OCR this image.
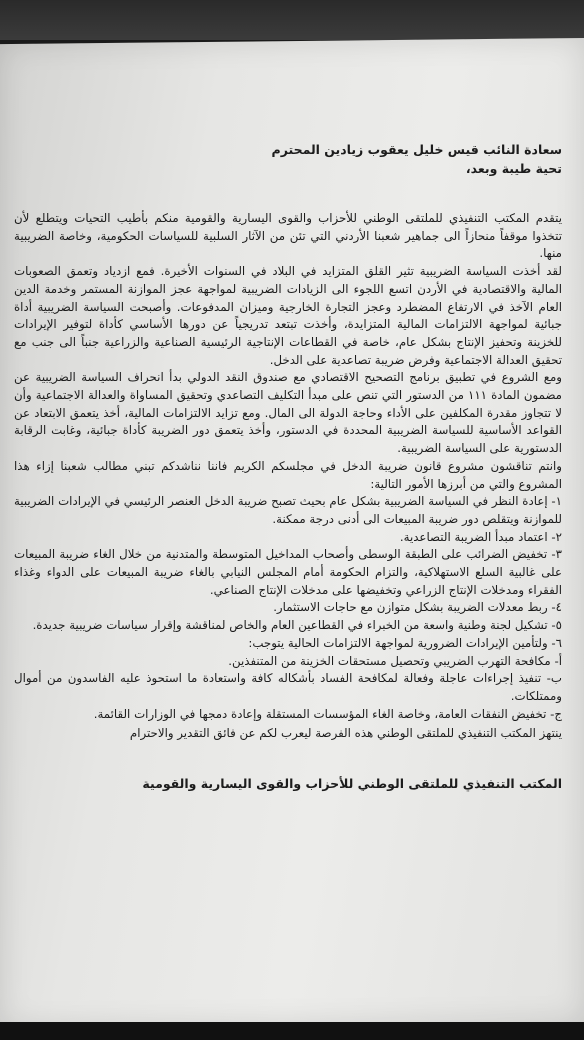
سعادة النائب قيس خليل يعقوب زيادين المحترم
تحية طيبة وبعد،

يتقدم المكتب التنفيذي للملتقى الوطني للأحزاب والقوى اليسارية والقومية منكم بأطيب التحيات ويتطلع لأن تتخذوا موقفاً منحازاً الى جماهير شعبنا الأردني التي تئن من الآثار السلبية للسياسات الحكومية، وخاصة الضريبية منها.

لقد أخذت السياسة الضريبية تثير القلق المتزايد في البلاد في السنوات الأخيرة. فمع ازدياد وتعمق الصعوبات المالية والاقتصادية في الأردن اتسع اللجوء الى الزيادات الضريبية لمواجهة عجز الموازنة المستمر وخدمة الدين العام الآخذ في الارتفاع المضطرد وعجز التجارة الخارجية وميزان المدفوعات. وأصبحت السياسة الضريبية أداة جبائية لمواجهة الالتزامات المالية المتزايدة، وأخذت تبتعد تدريجياً عن دورها الأساسي كأداة لتوفير الإيرادات للخزينة وتحفيز الإنتاج بشكل عام، خاصة في القطاعات الإنتاجية الرئيسية الصناعية والزراعية جنباً الى جنب مع تحقيق العدالة الاجتماعية وفرض ضريبة تصاعدية على الدخل.

ومع الشروع في تطبيق برنامج التصحيح الاقتصادي مع صندوق النقد الدولي بدأ انحراف السياسة الضريبية عن مضمون المادة ١١١ من الدستور التي تنص على مبدأ التكليف التصاعدي وتحقيق المساواة والعدالة الاجتماعية وأن لا تتجاوز مقدرة المكلفين على الأداء وحاجة الدولة الى المال. ومع تزايد الالتزامات المالية، أخذ يتعمق الابتعاد عن القواعد الأساسية للسياسة الضريبية المحددة في الدستور، وأخذ يتعمق دور الضريبة كأداة جبائية، وغابت الرقابة الدستورية على السياسة الضريبية.

وانتم تناقشون مشروع قانون ضريبة الدخل في مجلسكم الكريم فاننا نناشدكم تبني مطالب شعبنا إزاء هذا المشروع والتي من أبرزها الأمور التالية:

١- إعادة النظر في السياسة الضريبية بشكل عام بحيث تصبح ضريبة الدخل العنصر الرئيسي في الإيرادات الضريبية للموازنة ويتقلص دور ضريبة المبيعات الى أدنى درجة ممكنة.

٢- اعتماد مبدأ الضريبة التصاعدية.

٣- تخفيض الضرائب على الطبقة الوسطى وأصحاب المداخيل المتوسطة والمتدنية من خلال الغاء ضريبة المبيعات على غالبية السلع الاستهلاكية، والتزام الحكومة أمام المجلس النيابي بالغاء ضريبة المبيعات على الدواء وغذاء الفقراء ومدخلات الإنتاج الزراعي وتخفيضها على مدخلات الإنتاج الصناعي.

٤- ربط معدلات الضريبة بشكل متوازن مع حاجات الاستثمار.

٥- تشكيل لجنة وطنية واسعة من الخبراء في القطاعين العام والخاص لمناقشة وإقرار سياسات ضريبية جديدة.

٦- ولتأمين الإيرادات الضرورية لمواجهة الالتزامات الحالية يتوجب:

أ- مكافحة التهرب الضريبي وتحصيل مستحقات الخزينة من المتنفذين.

ب- تنفيذ إجراءات عاجلة وفعالة لمكافحة الفساد بأشكاله كافة واستعادة ما استحوذ عليه الفاسدون من أموال وممتلكات.

ج- تخفيض النفقات العامة، وخاصة الغاء المؤسسات المستقلة وإعادة دمجها في الوزارات القائمة.

ينتهز المكتب التنفيذي للملتقى الوطني هذه الفرصة ليعرب لكم عن فائق التقدير والاحترام

المكتب التنفيذي للملتقى الوطني للأحزاب والقوى اليسارية والقومية
